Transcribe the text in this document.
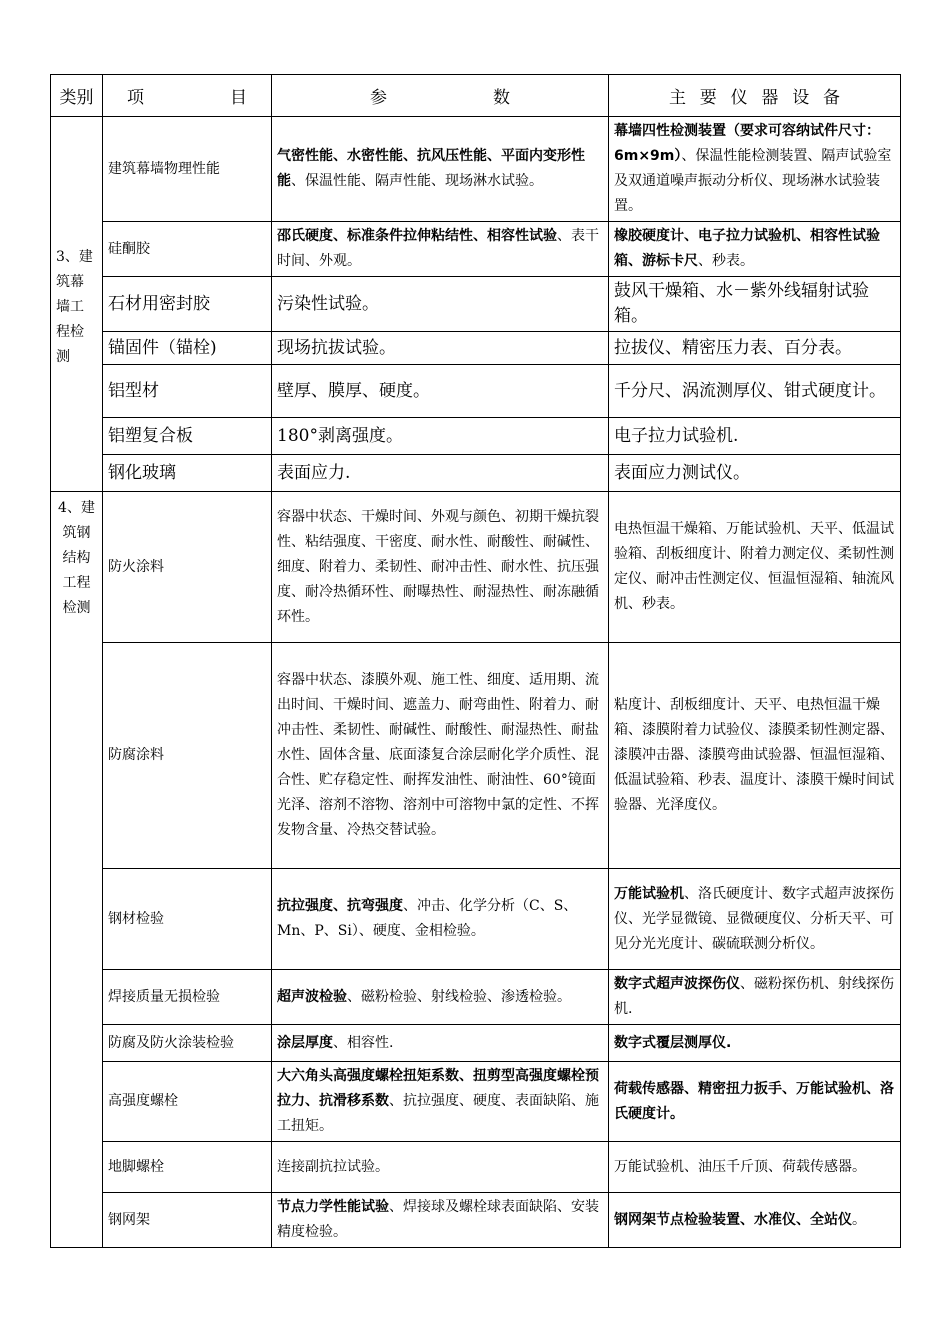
类别	项　目	参　数	主 要 仪 器 设 备
3、建筑幕墙工程检测	建筑幕墙物理性能	气密性能、水密性能、抗风压性能、平面内变形性能、保温性能、隔声性能、现场淋水试验。	幕墙四性检测装置（要求可容纳试件尺寸：6m×9m）、保温性能检测装置、隔声试验室及双通道噪声振动分析仪、现场淋水试验装置。
	硅酮胶	邵氏硬度、标准条件拉伸粘结性、相容性试验、表干时间、外观。	橡胶硬度计、电子拉力试验机、相容性试验箱、游标卡尺、秒表。
	石材用密封胶	污染性试验。	鼓风干燥箱、水－紫外线辐射试验箱。
	锚固件（锚栓)	现场抗拔试验。	拉拔仪、精密压力表、百分表。
	铝型材	壁厚、膜厚、硬度。	千分尺、涡流测厚仪、钳式硬度计。
	铝塑复合板	180°剥离强度。	电子拉力试验机.
	钢化玻璃	表面应力.	表面应力测试仪。
4、建筑钢结构工程检测	防火涂料	容器中状态、干燥时间、外观与颜色、初期干燥抗裂性、粘结强度、干密度、耐水性、耐酸性、耐碱性、细度、附着力、柔韧性、耐冲击性、耐水性、抗压强度、耐冷热循环性、耐曝热性、耐湿热性、耐冻融循环性。	电热恒温干燥箱、万能试验机、天平、低温试验箱、刮板细度计、附着力测定仪、柔韧性测定仪、耐冲击性测定仪、恒温恒湿箱、轴流风机、秒表。
	防腐涂料	容器中状态、漆膜外观、施工性、细度、适用期、流出时间、干燥时间、遮盖力、耐弯曲性、附着力、耐冲击性、柔韧性、耐碱性、耐酸性、耐湿热性、耐盐水性、固体含量、底面漆复合涂层耐化学介质性、混合性、贮存稳定性、耐挥发油性、耐油性、60°镜面光泽、溶剂不溶物、溶剂中可溶物中氯的定性、不挥发物含量、冷热交替试验。	粘度计、刮板细度计、天平、电热恒温干燥箱、漆膜附着力试验仪、漆膜柔韧性测定器、漆膜冲击器、漆膜弯曲试验器、恒温恒湿箱、低温试验箱、秒表、温度计、漆膜干燥时间试验器、光泽度仪。
	钢材检验	抗拉强度、抗弯强度、冲击、化学分析（C、S、Mn、P、Si）、硬度、金相检验。	万能试验机、洛氏硬度计、数字式超声波探伤仪、光学显微镜、显微硬度仪、分析天平、可见分光光度计、碳硫联测分析仪。
	焊接质量无损检验	超声波检验、磁粉检验、射线检验、渗透检验。	数字式超声波探伤仪、磁粉探伤机、射线探伤机.
	防腐及防火涂装检验	涂层厚度、相容性.	数字式覆层测厚仪.
	高强度螺栓	大六角头高强度螺栓扭矩系数、扭剪型高强度螺栓预拉力、抗滑移系数、抗拉强度、硬度、表面缺陷、施工扭矩。	荷载传感器、精密扭力扳手、万能试验机、洛氏硬度计。
	地脚螺栓	连接副抗拉试验。	万能试验机、油压千斤顶、荷载传感器。
	钢网架	节点力学性能试验、焊接球及螺栓球表面缺陷、安装精度检验。	钢网架节点检验装置、水准仪、全站仪。
